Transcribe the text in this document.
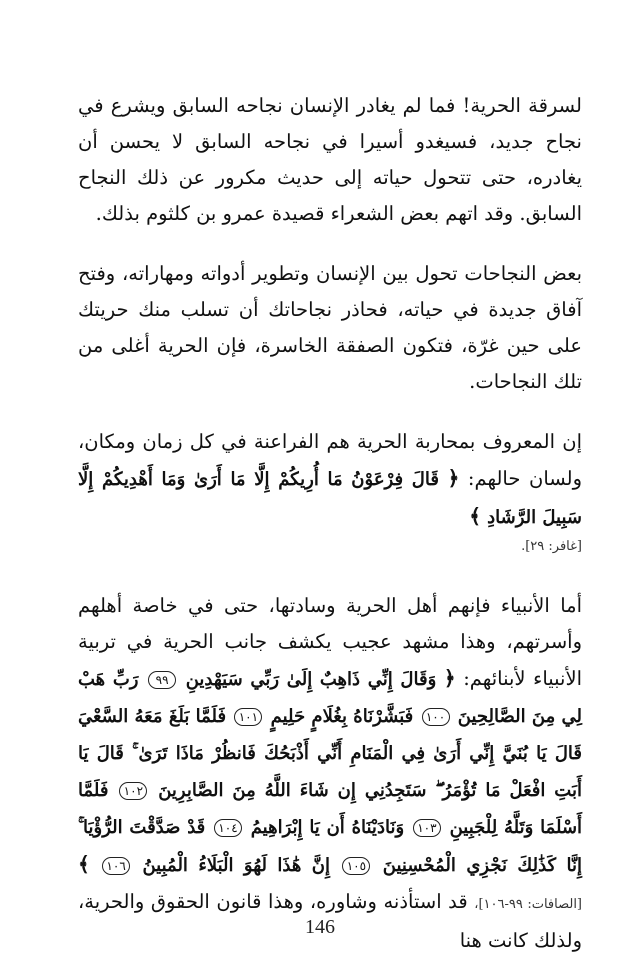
لسرقة الحرية! فما لم يغادر الإنسان نجاحه السابق ويشرع في نجاح جديد، فسيغدو أسيرا في نجاحه السابق لا يحسن أن يغادره، حتى تتحول حياته إلى حديث مكرور عن ذلك النجاح السابق. وقد اتهم بعض الشعراء قصيدة عمرو بن كلثوم بذلك.

بعض النجاحات تحول بين الإنسان وتطوير أدواته ومهاراته، وفتح آفاق جديدة في حياته، فحاذر نجاحاتك أن تسلب منك حريتك على حين غرّة، فتكون الصفقة الخاسرة، فإن الحرية أغلى من تلك النجاحات.

إن المعروف بمحاربة الحرية هم الفراعنة في كل زمان ومكان، ولسان حالهم: ﴿ قَالَ فِرْعَوْنُ مَا أُرِيكُمْ إِلَّا مَا أَرَىٰ وَمَا أَهْدِيكُمْ إِلَّا سَبِيلَ الرَّشَادِ ﴾
[غافر: ٢٩].

أما الأنبياء فإنهم أهل الحرية وسادتها، حتى في خاصة أهلهم وأسرتهم، وهذا مشهد عجيب يكشف جانب الحرية في تربية الأنبياء لأبنائهم: ﴿ وَقَالَ إِنِّي ذَاهِبٌ إِلَىٰ رَبِّي سَيَهْدِينِ ٩٩ رَبِّ هَبْ لِي مِنَ الصَّالِحِينَ ١٠٠ فَبَشَّرْنَاهُ بِغُلَامٍ حَلِيمٍ ١٠١ فَلَمَّا بَلَغَ مَعَهُ السَّعْيَ قَالَ يَا بُنَيَّ إِنِّي أَرَىٰ فِي الْمَنَامِ أَنِّي أَذْبَحُكَ فَانظُرْ مَاذَا تَرَىٰ ۚ قَالَ يَا أَبَتِ افْعَلْ مَا تُؤْمَرُ ۖ سَتَجِدُنِي إِن شَاءَ اللَّهُ مِنَ الصَّابِرِينَ ١٠٢ فَلَمَّا أَسْلَمَا وَتَلَّهُ لِلْجَبِينِ ١٠٣ وَنَادَيْنَاهُ أَن يَا إِبْرَاهِيمُ ١٠٤ قَدْ صَدَّقْتَ الرُّؤْيَا ۚ إِنَّا كَذَٰلِكَ نَجْزِي الْمُحْسِنِينَ ١٠٥ إِنَّ هَٰذَا لَهُوَ الْبَلَاءُ الْمُبِينُ ١٠٦ ﴾ [الصافات: ٩٩-١٠٦]، قد استأذنه وشاوره، وهذا قانون الحقوق والحرية، ولذلك كانت هنا

146
